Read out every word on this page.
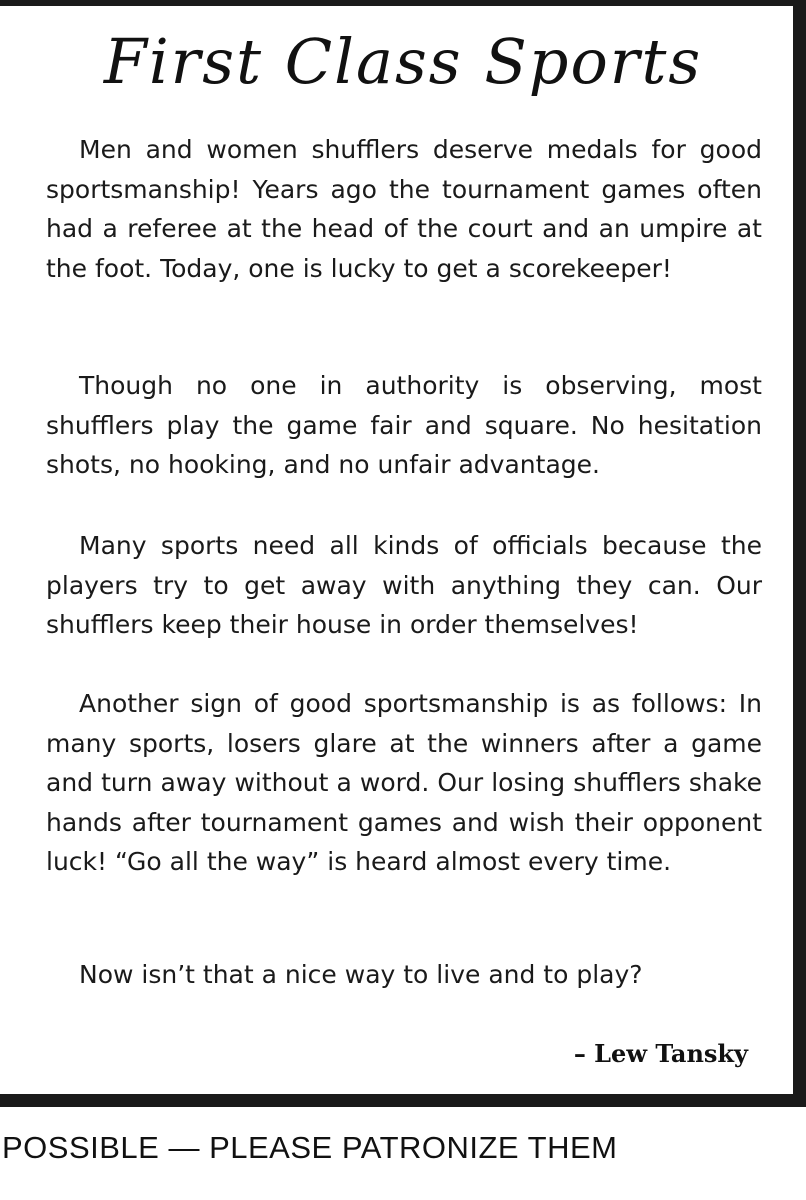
First Class Sports

Men and women shufflers deserve medals for good sportsmanship! Years ago the tournament games often had a referee at the head of the court and an umpire at the foot. Today, one is lucky to get a scorekeeper!

Though no one in authority is observing, most shufflers play the game fair and square. No hesitation shots, no hooking, and no unfair advantage.

Many sports need all kinds of officials because the players try to get away with anything they can. Our shufflers keep their house in order themselves!

Another sign of good sportsmanship is as follows: In many sports, losers glare at the winners after a game and turn away without a word. Our losing shufflers shake hands after tournament games and wish their opponent luck! “Go all the way” is heard almost every time.

Now isn’t that a nice way to live and to play?

– Lew Tansky
POSSIBLE — PLEASE PATRONIZE THEM
